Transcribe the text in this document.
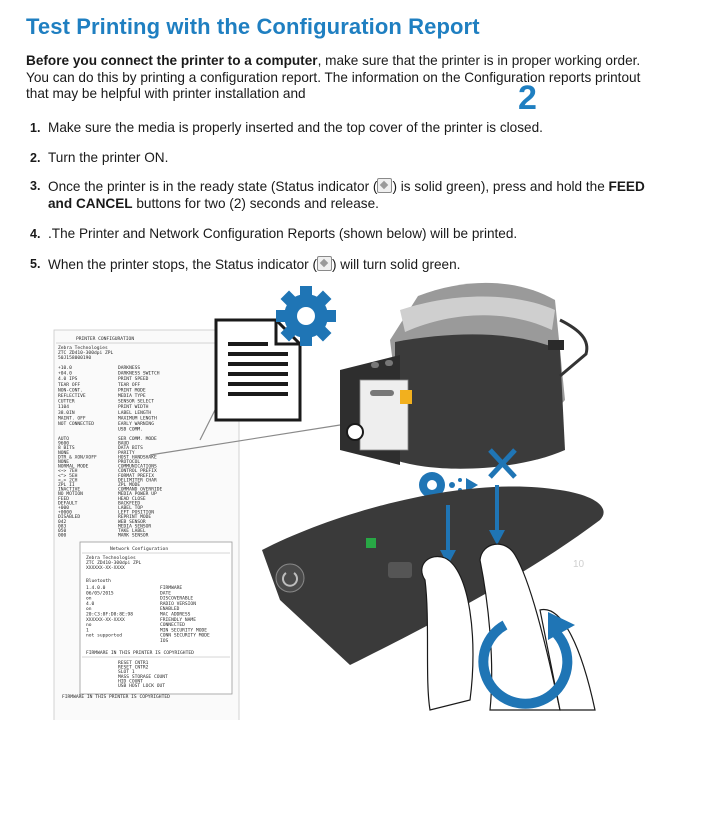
Test Printing with the Configuration Report

Before you connect the printer to a computer, make sure that the printer is in proper working order. You can do this by printing a configuration report. The information on the Configuration reports printout that may be helpful with printer installation and	2
1. Make sure the media is properly inserted and the top cover of the printer is closed.
2. Turn the printer ON.
3. Once the printer is in the ready state (Status indicator ( ) is solid green), press and hold the FEED and CANCEL buttons for two (2) seconds and release.
4. .The Printer and Network Configuration Reports (shown below) will be printed.
5. When the printer stops, the Status indicator ( ) will turn solid green.
PRINTER CONFIGURATION
Zebra Technologies
ZTC ZD410-300dpi ZPL
50J158000190
+10.0
+04.0
4.0 IPS
TEAR OFF
NON-CONT.
REFLECTIVE
CUTTER
1104
38.0IN
MAINT. OFF
NOT CONNECTED
DARKNESS
DARKNESS SWITCH
PRINT SPEED
TEAR OFF
PRINT MODE
MEDIA TYPE
SENSOR SELECT
PRINT WIDTH
LABEL LENGTH
MAXIMUM LENGTH
EARLY WARNING
USB COMM.
AUTO
9600
8 BITS
NONE
DTR & XON/XOFF
NONE
NORMAL MODE
<~> 7EH
<^> 5EH
<,> 2CH
ZPL II
INACTIVE
NO MOTION
FEED
DEFAULT
+000
+0000
DISABLED
042
083
050
000
SER COMM. MODE
BAUD
DATA BITS
PARITY
HOST HANDSHAKE
PROTOCOL
COMMUNICATIONS
CONTROL PREFIX
FORMAT PREFIX
DELIMITER CHAR
ZPL MODE
COMMAND OVERRIDE
MEDIA POWER UP
HEAD CLOSE
BACKFEED
LABEL TOP
LEFT POSITION
REPRINT MODE
WEB SENSOR
MEDIA SENSOR
TAKE LABEL
MARK SENSOR
Network Configuration
Zebra Technologies
ZTC ZD410-300dpi ZPL
XXXXXX-XX-XXXX
Bluetooth
1.4.0.0
06/05/2015
on
4.0
on
20:C3:8F:D8:8E:98
XXXXXX-XX-XXXX
no
1
not supported
FIRMWARE
DATE
DISCOVERABLE
RADIO VERSION
ENABLED
MAC ADDRESS
FRIENDLY NAME
CONNECTED
MIN SECURITY MODE
CONN SECURITY MODE
IOS
FIRMWARE IN THIS PRINTER IS COPYRIGHTED
RESET CNTR1
RESET CNTR2
SLOT 1
MASS STORAGE COUNT
HID COUNT
USB HOST LOCK OUT
FIRMWARE IN THIS PRINTER IS COPYRIGHTED
10
